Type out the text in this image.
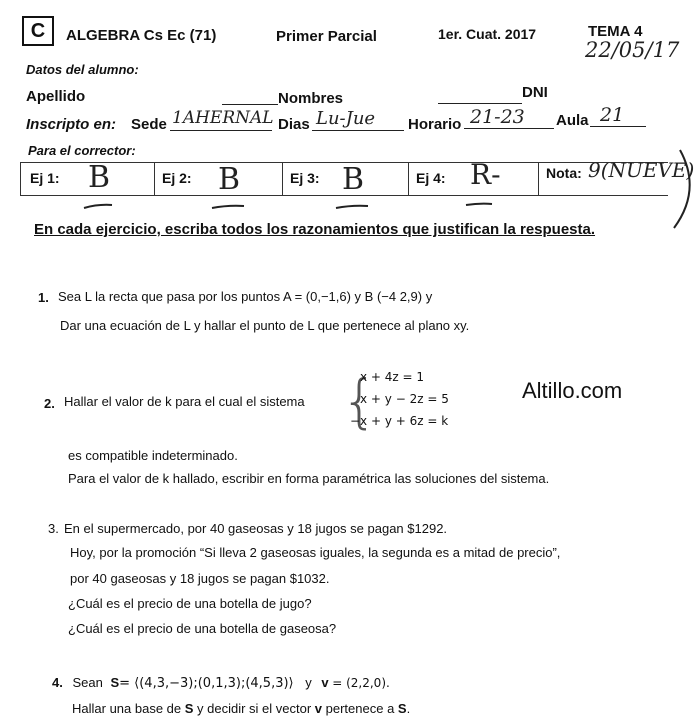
C	ALGEBRA Cs Ec (71)	Primer Parcial	1er. Cuat. 2017	TEMA 4
22/05/17
Datos del alumno:
Apellido	Nombres	DNI
Inscripto en: Sede 1AHERNAL Dias Lu-Jue Horario 21-23 Aula 21
Para el corrector:
Ej 1: B	Ej 2: B	Ej 3: B	Ej 4: R-	Nota: 9(NUEVE)
En cada ejercicio, escriba todos los razonamientos que justifican la respuesta.
Altillo.com
1. Sea L la recta que pasa por los puntos A = (0,−1,6) y B (−4 2,9) y
Dar una ecuación de L y hallar el punto de L que pertenece al plano xy.
2. Hallar el valor de k para el cual el sistema {
x + 4z = 1
x + y − 2z = 5
−x + y + 6z = k
es compatible indeterminado.
Para el valor de k hallado, escribir en forma paramétrica las soluciones del sistema.
3. En el supermercado, por 40 gaseosas y 18 jugos se pagan $1292.
Hoy, por la promoción “Si lleva 2 gaseosas iguales, la segunda es a mitad de precio”,
por 40 gaseosas y 18 jugos se pagan $1032.
¿Cuál es el precio de una botella de jugo?
¿Cuál es el precio de una botella de gaseosa?
4. Sean S= ⟨(4,3,−3);(0,1,3);(4,5,3)⟩ y v = (2,2,0).
Hallar una base de S y decidir si el vector v pertenece a S.
